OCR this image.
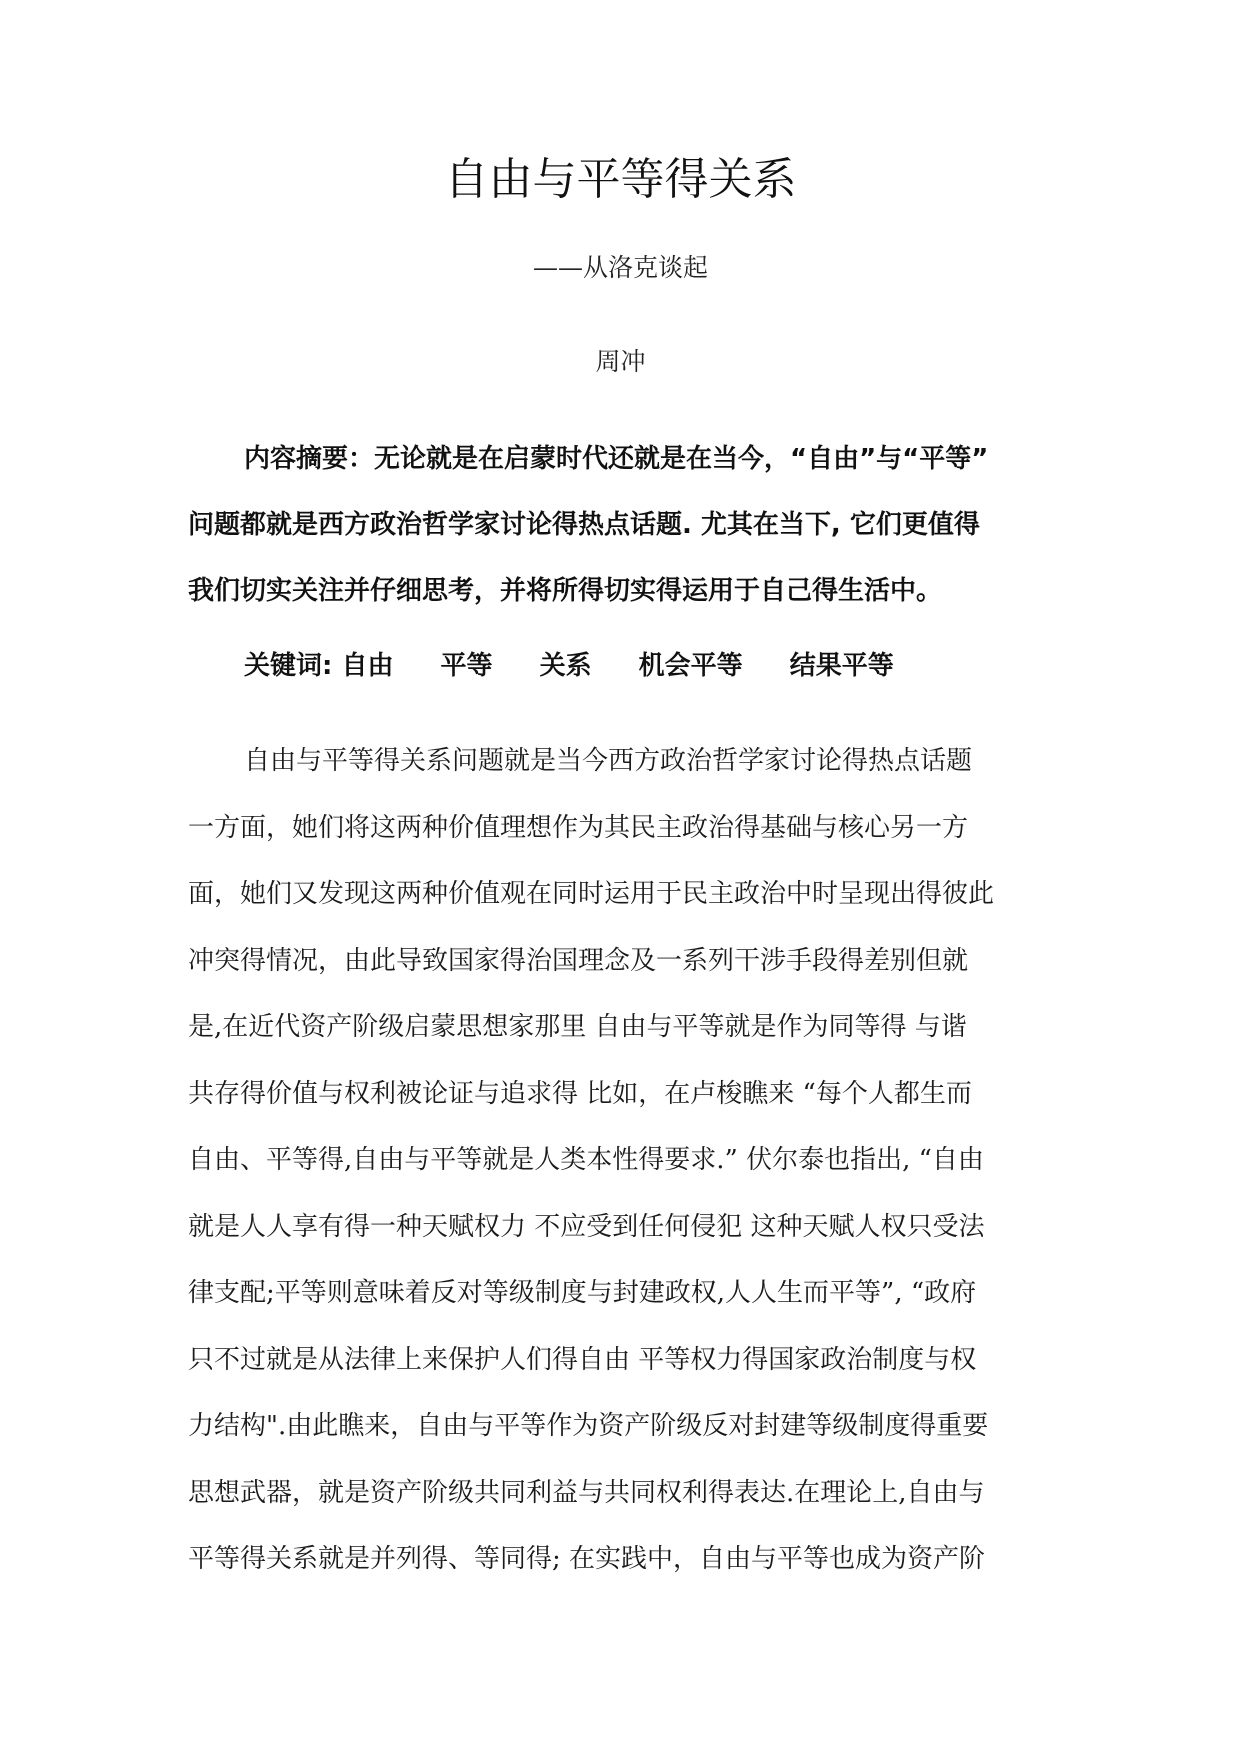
自由与平等得关系
——从洛克谈起
周冲
内容摘要：无论就是在启蒙时代还就是在当今，“自由”与“平等”
问题都就是西方政治哲学家讨论得热点话题. 尤其在当下, 它们更值得
我们切实关注并仔细思考，并将所得切实得运用于自己得生活中。
关键词: 自由 平等 关系 机会平等 结果平等
自由与平等得关系问题就是当今西方政治哲学家讨论得热点话题
一方面，她们将这两种价值理想作为其民主政治得基础与核心另一方
面，她们又发现这两种价值观在同时运用于民主政治中时呈现出得彼此
冲突得情况，由此导致国家得治国理念及一系列干涉手段得差别但就
是,在近代资产阶级启蒙思想家那里 自由与平等就是作为同等得 与谐
共存得价值与权利被论证与追求得 比如，在卢梭瞧来 “每个人都生而
自由、平等得,自由与平等就是人类本性得要求.” 伏尔泰也指出, “自由
就是人人享有得一种天赋权力 不应受到任何侵犯 这种天赋人权只受法
律支配;平等则意味着反对等级制度与封建政权,人人生而平等”, “政府
只不过就是从法律上来保护人们得自由 平等权力得国家政治制度与权
力结构".由此瞧来，自由与平等作为资产阶级反对封建等级制度得重要
思想武器，就是资产阶级共同利益与共同权利得表达.在理论上,自由与
平等得关系就是并列得、等同得; 在实践中，自由与平等也成为资产阶
